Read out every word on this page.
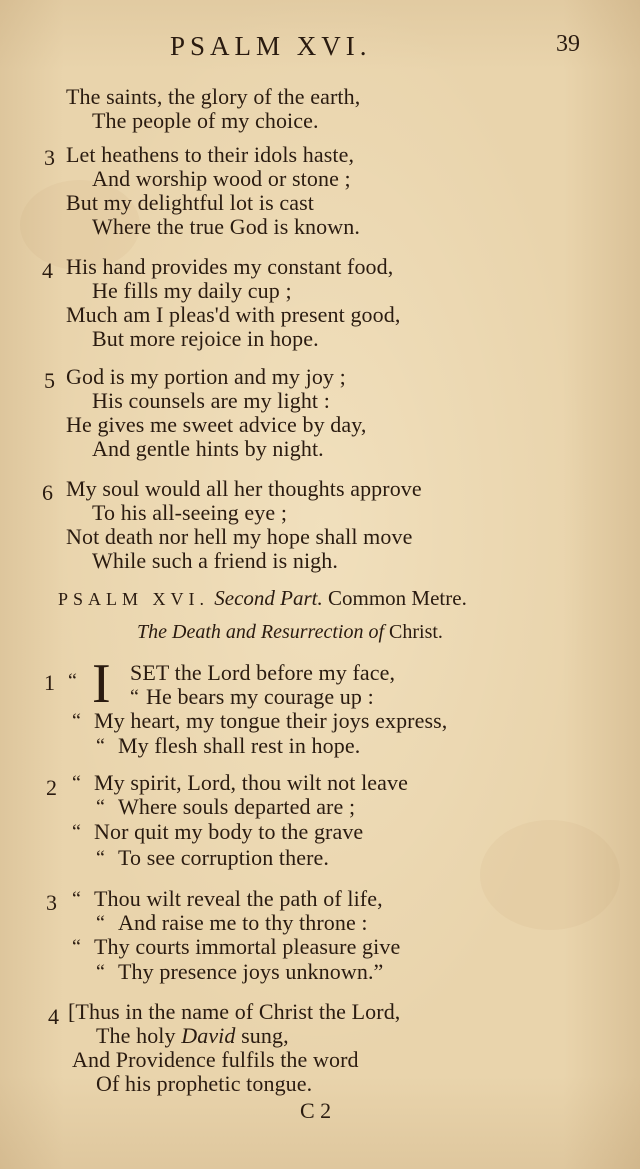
PSALM XVI.	39
The saints, the glory of the earth,
The people of my choice.
3 Let heathens to their idols haste,
And worship wood or stone ;
But my delightful lot is cast
Where the true God is known.
4 His hand provides my constant food,
He fills my daily cup ;
Much am I pleas'd with present good,
But more rejoice in hope.
5 God is my portion and my joy ;
His counsels are my light :
He gives me sweet advice by day,
And gentle hints by night.
6 My soul would all her thoughts approve
To his all-seeing eye ;
Not death nor hell my hope shall move
While such a friend is nigh.
PSALM XVI. Second Part. Common Metre.
The Death and Resurrection of Christ.
1 “ I SET the Lord before my face,
“ He bears my courage up :
“ My heart, my tongue their joys express,
“ My flesh shall rest in hope.
2 “ My spirit, Lord, thou wilt not leave
“ Where souls departed are ;
“ Nor quit my body to the grave
“ To see corruption there.
3 “ Thou wilt reveal the path of life,
“ And raise me to thy throne :
“ Thy courts immortal pleasure give
“ Thy presence joys unknown.”
4 [Thus in the name of Christ the Lord,
The holy David sung,
And Providence fulfils the word
Of his prophetic tongue.
C 2
